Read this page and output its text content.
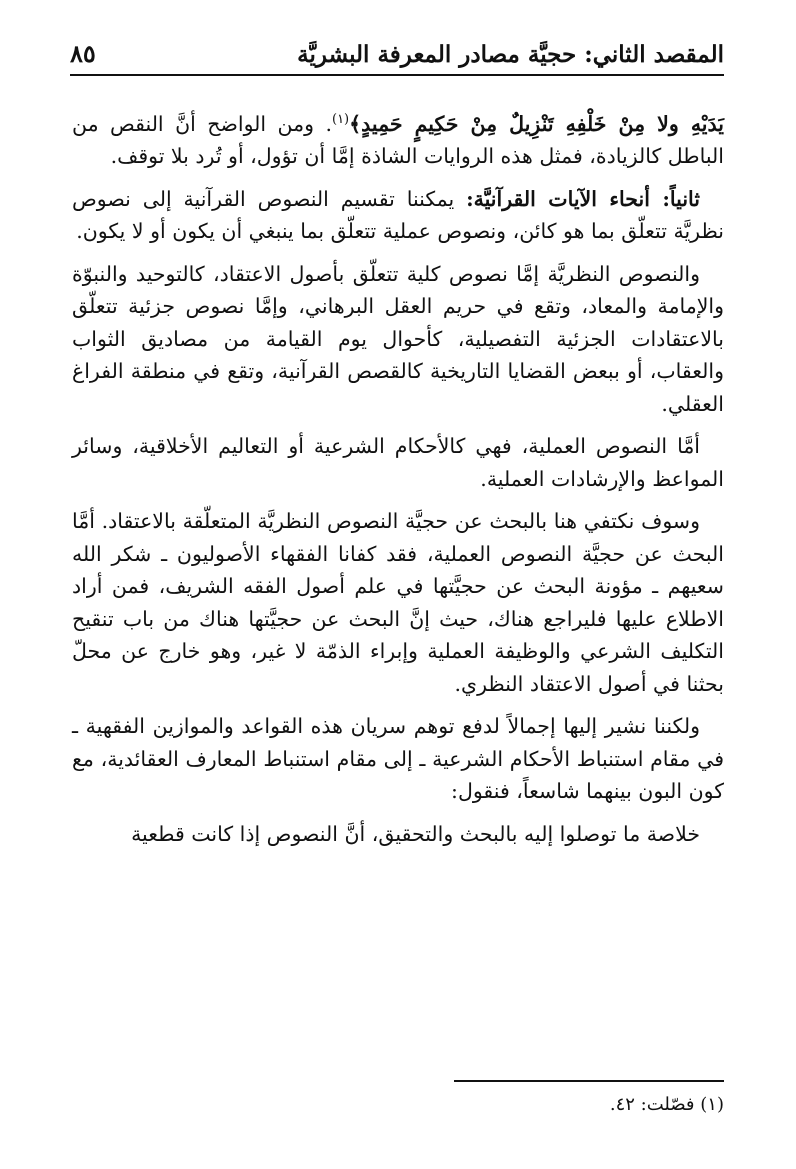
٨٥	المقصد الثاني: حجيَّة مصادر المعرفة البشريَّة

يَدَيْهِ ولا مِنْ خَلْفِهِ تَنْزِيلٌ مِنْ حَكِيمٍ حَمِيدٍ﴾$^{(١)}$. ومن الواضح أنَّ النقص من الباطل كالزيادة، فمثل هذه الروايات الشاذة إمَّا أن تؤول، أو تُرد بلا توقف.

ثانياً: أنحاء الآيات القرآنيَّة: يمكننا تقسيم النصوص القرآنية إلى نصوص نظريَّة تتعلّق بما هو كائن، ونصوص عملية تتعلّق بما ينبغي أن يكون أو لا يكون.

والنصوص النظريَّة إمَّا نصوص كلية تتعلّق بأصول الاعتقاد، كالتوحيد والنبوّة والإمامة والمعاد، وتقع في حريم العقل البرهاني، وإمَّا نصوص جزئية تتعلّق بالاعتقادات الجزئية التفصيلية، كأحوال يوم القيامة من مصاديق الثواب والعقاب، أو ببعض القضايا التاريخية كالقصص القرآنية، وتقع في منطقة الفراغ العقلي.

أمَّا النصوص العملية، فهي كالأحكام الشرعية أو التعاليم الأخلاقية، وسائر المواعظ والإرشادات العملية.

وسوف نكتفي هنا بالبحث عن حجيَّة النصوص النظريَّة المتعلّقة بالاعتقاد. أمَّا البحث عن حجيَّة النصوص العملية، فقد كفانا الفقهاء الأصوليون ـ شكر الله سعيهم ـ مؤونة البحث عن حجيَّتها في علم أصول الفقه الشريف، فمن أراد الاطلاع عليها فليراجع هناك، حيث إنَّ البحث عن حجيَّتها هناك من باب تنقيح التكليف الشرعي والوظيفة العملية وإبراء الذمّة لا غير، وهو خارج عن محلّ بحثنا في أصول الاعتقاد النظري.

ولكننا نشير إليها إجمالاً لدفع توهم سريان هذه القواعد والموازين الفقهية ـ في مقام استنباط الأحكام الشرعية ـ إلى مقام استنباط المعارف العقائدية، مع كون البون بينهما شاسعاً، فنقول:

خلاصة ما توصلوا إليه بالبحث والتحقيق، أنَّ النصوص إذا كانت قطعية

(١) فصّلت: ٤٢.
